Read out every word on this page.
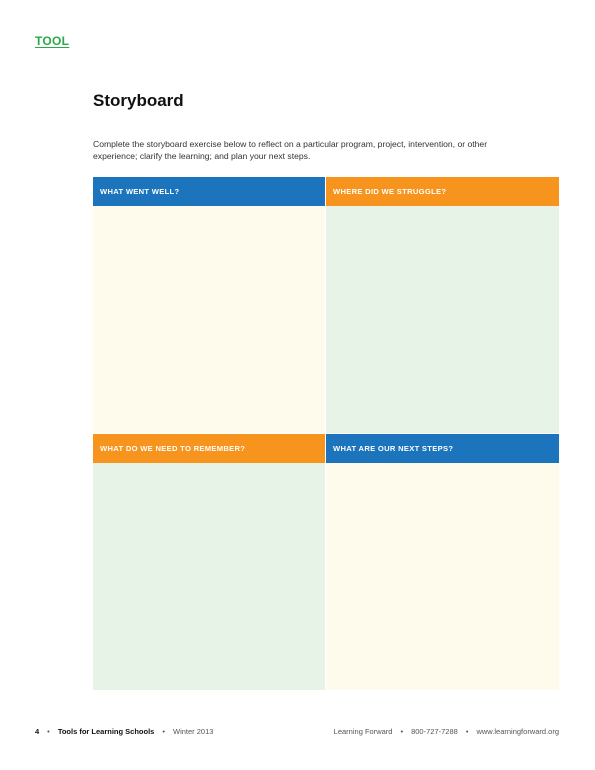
TOOL
Storyboard
Complete the storyboard exercise below to reflect on a particular program, project, intervention, or other experience; clarify the learning; and plan your next steps.
WHAT WENT WELL?	WHERE DID WE STRUGGLE?
WHAT DO WE NEED TO REMEMBER?	WHAT ARE OUR NEXT STEPS?
4 • Tools for Learning Schools • Winter 2013	Learning Forward • 800-727-7288 • www.learningforward.org
